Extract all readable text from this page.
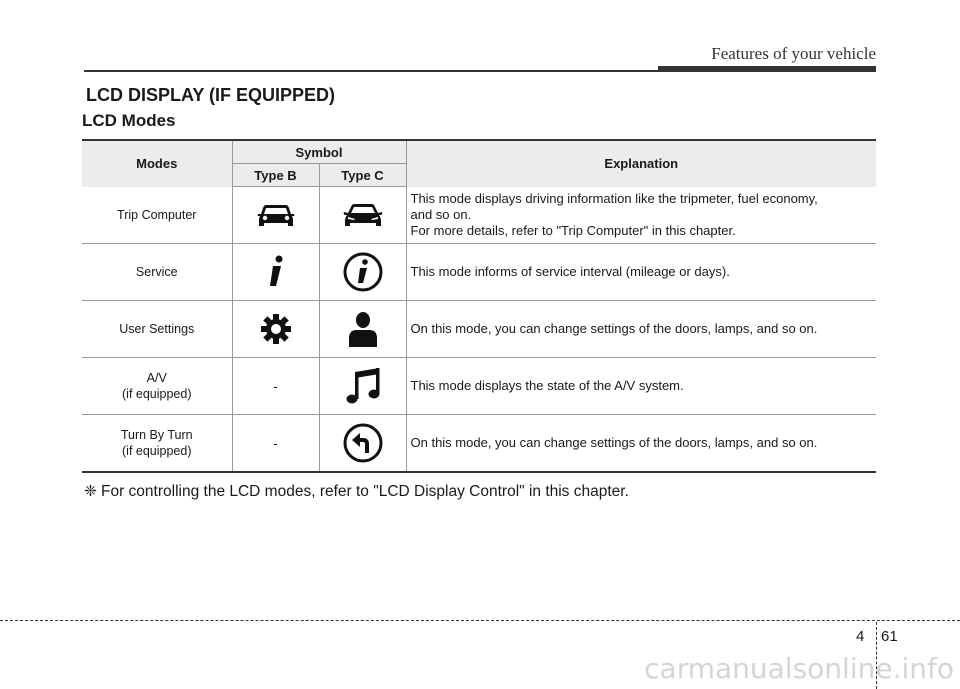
Features of your vehicle
LCD DISPLAY (IF EQUIPPED)
LCD Modes
Modes	Symbol		Explanation
	Type B	Type C	
Trip Computer			This mode displays driving information like the tripmeter, fuel economy,
and so on.
For more details, refer to "Trip Computer" in this chapter.

Service			This mode informs of service interval (mileage or days).

User Settings			On this mode, you can change settings of the doors, lamps, and so on.

A/V
(if equipped)	-		This mode displays the state of the A/V system.

Turn By Turn
(if equipped)	-		On this mode, you can change settings of the doors, lamps, and so on.
❈ For controlling the LCD modes, refer to "LCD Display Control" in this chapter.
4 61
carmanualsonline.info
